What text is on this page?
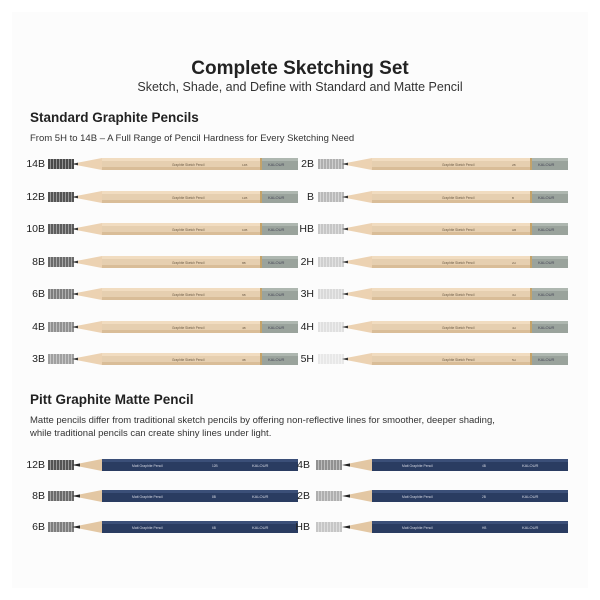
Complete Sketching Set
Sketch, Shade, and Define with Standard and Matte Pencil
Standard Graphite Pencils
From 5H to 14B – A Full Range of Pencil Hardness for Every Sketching Need
14B	Graphite Sketch Pencil	14B	KALOUR
12B	Graphite Sketch Pencil	12B	KALOUR
10B	Graphite Sketch Pencil	10B	KALOUR
8B	Graphite Sketch Pencil	8B	KALOUR
6B	Graphite Sketch Pencil	6B	KALOUR
4B	Graphite Sketch Pencil	4B	KALOUR
3B	Graphite Sketch Pencil	3B	KALOUR
2B	Graphite Sketch Pencil	2B	KALOUR
B	Graphite Sketch Pencil	B	KALOUR
HB	Graphite Sketch Pencil	HB	KALOUR
2H	Graphite Sketch Pencil	2H	KALOUR
3H	Graphite Sketch Pencil	3H	KALOUR
4H	Graphite Sketch Pencil	4H	KALOUR
5H	Graphite Sketch Pencil	5H	KALOUR
Pitt Graphite Matte Pencil
Matte pencils differ from traditional sketch pencils by offering non-reflective lines for smoother, deeper shading,
while traditional pencils can create shiny lines under light.
12B	Matt Graphite Pencil	12B	KALOUR
8B	Matt Graphite Pencil	8B	KALOUR
6B	Matt Graphite Pencil	6B	KALOUR
4B	Matt Graphite Pencil	4B	KALOUR
2B	Matt Graphite Pencil	2B	KALOUR
HB	Matt Graphite Pencil	HB	KALOUR
